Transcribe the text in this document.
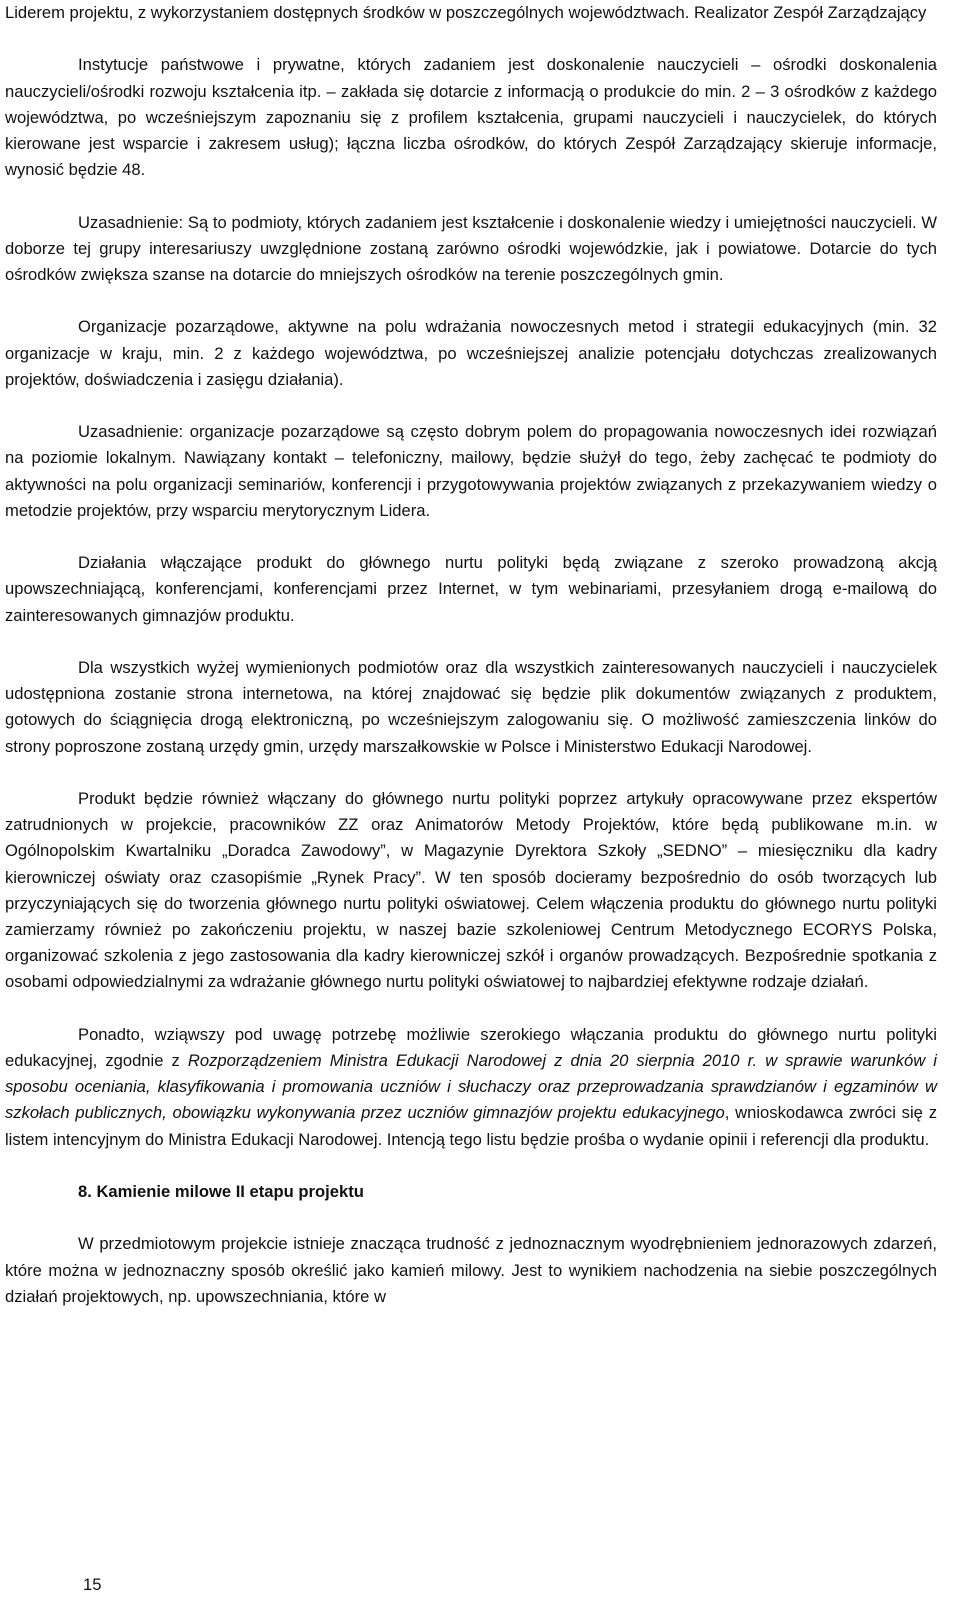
Liderem projektu, z wykorzystaniem dostępnych środków w poszczególnych województwach. Realizator Zespół Zarządzający

Instytucje państwowe i prywatne, których zadaniem jest doskonalenie nauczycieli – ośrodki doskonalenia nauczycieli/ośrodki rozwoju kształcenia itp. – zakłada się dotarcie z informacją o produkcie do min. 2 – 3 ośrodków z każdego województwa, po wcześniejszym zapoznaniu się z profilem kształcenia, grupami nauczycieli i nauczycielek, do których kierowane jest wsparcie i zakresem usług); łączna liczba ośrodków, do których Zespół Zarządzający skieruje informacje, wynosić będzie 48.

Uzasadnienie: Są to podmioty, których zadaniem jest kształcenie i doskonalenie wiedzy i umiejętności nauczycieli. W doborze tej grupy interesariuszy uwzględnione zostaną zarówno ośrodki wojewódzkie, jak i powiatowe. Dotarcie do tych ośrodków zwiększa szanse na dotarcie do mniejszych ośrodków na terenie poszczególnych gmin.

Organizacje pozarządowe, aktywne na polu wdrażania nowoczesnych metod i strategii edukacyjnych (min. 32 organizacje w kraju, min. 2 z każdego województwa, po wcześniejszej analizie potencjału dotychczas zrealizowanych projektów, doświadczenia i zasięgu działania).

Uzasadnienie: organizacje pozarządowe są często dobrym polem do propagowania nowoczesnych idei rozwiązań na poziomie lokalnym. Nawiązany kontakt – telefoniczny, mailowy, będzie służył do tego, żeby zachęcać te podmioty do aktywności na polu organizacji seminariów, konferencji i przygotowywania projektów związanych z przekazywaniem wiedzy o metodzie projektów, przy wsparciu merytorycznym Lidera.

Działania włączające produkt do głównego nurtu polityki będą związane z szeroko prowadzoną akcją upowszechniającą, konferencjami, konferencjami przez Internet, w tym webinariami, przesyłaniem drogą e-mailową do zainteresowanych gimnazjów produktu.

Dla wszystkich wyżej wymienionych podmiotów oraz dla wszystkich zainteresowanych nauczycieli i nauczycielek udostępniona zostanie strona internetowa, na której znajdować się będzie plik dokumentów związanych z produktem, gotowych do ściągnięcia drogą elektroniczną, po wcześniejszym zalogowaniu się. O możliwość zamieszczenia linków do strony poproszone zostaną urzędy gmin, urzędy marszałkowskie w Polsce i Ministerstwo Edukacji Narodowej.

Produkt będzie również włączany do głównego nurtu polityki poprzez artykuły opracowywane przez ekspertów zatrudnionych w projekcie, pracowników ZZ oraz Animatorów Metody Projektów, które będą publikowane m.in. w Ogólnopolskim Kwartalniku „Doradca Zawodowy”, w Magazynie Dyrektora Szkoły „SEDNO” – miesięczniku dla kadry kierowniczej oświaty oraz czasopiśmie „Rynek Pracy”. W ten sposób docieramy bezpośrednio do osób tworzących lub przyczyniających się do tworzenia głównego nurtu polityki oświatowej. Celem włączenia produktu do głównego nurtu polityki zamierzamy również po zakończeniu projektu, w naszej bazie szkoleniowej Centrum Metodycznego ECORYS Polska, organizować szkolenia z jego zastosowania dla kadry kierowniczej szkół i organów prowadzących. Bezpośrednie spotkania z osobami odpowiedzialnymi za wdrażanie głównego nurtu polityki oświatowej to najbardziej efektywne rodzaje działań.

Ponadto, wziąwszy pod uwagę potrzebę możliwie szerokiego włączania produktu do głównego nurtu polityki edukacyjnej, zgodnie z Rozporządzeniem Ministra Edukacji Narodowej z dnia 20 sierpnia 2010 r. w sprawie warunków i sposobu oceniania, klasyfikowania i promowania uczniów i słuchaczy oraz przeprowadzania sprawdzianów i egzaminów w szkołach publicznych, obowiązku wykonywania przez uczniów gimnazjów projektu edukacyjnego, wnioskodawca zwróci się z listem intencyjnym do Ministra Edukacji Narodowej. Intencją tego listu będzie prośba o wydanie opinii i referencji dla produktu.

8. Kamienie milowe II etapu projektu

W przedmiotowym projekcie istnieje znacząca trudność z jednoznacznym wyodrębnieniem jednorazowych zdarzeń, które można w jednoznaczny sposób określić jako kamień milowy. Jest to wynikiem nachodzenia na siebie poszczególnych działań projektowych, np. upowszechniania, które w

15
